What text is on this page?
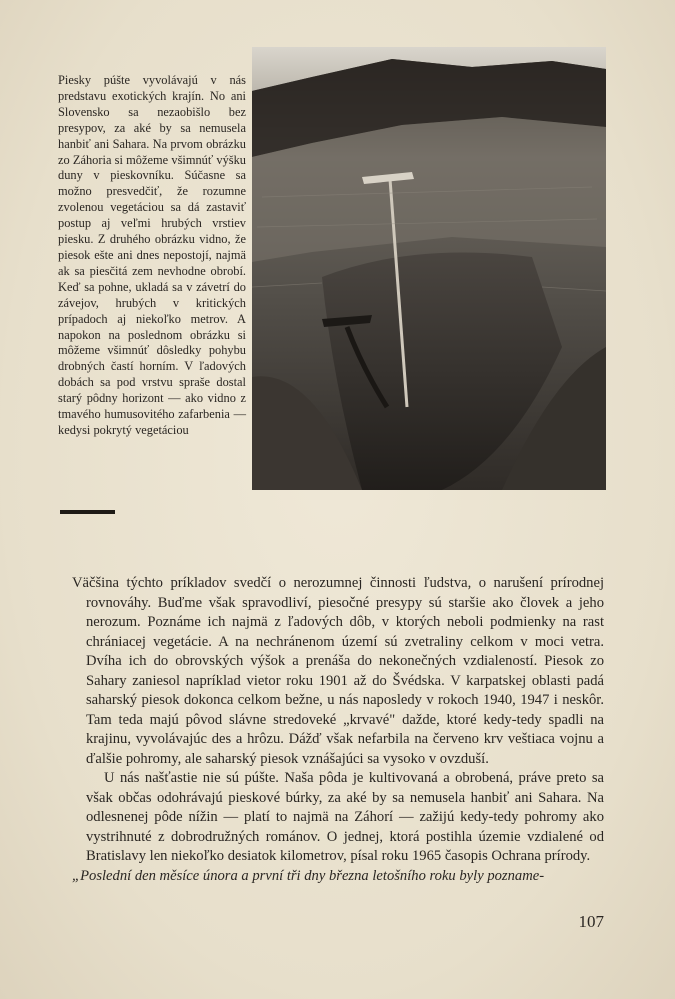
Piesky púšte vyvolávajú v nás predstavu exotických krajín. No ani Slovensko sa nezaobišlo bez presypov, za aké by sa nemusela hanbiť ani Sahara. Na prvom obrázku zo Záhoria si môžeme všimnúť výšku duny v pieskovníku. Súčasne sa možno presvedčiť, že rozumne zvolenou vegetáciou sa dá zastaviť postup aj veľmi hrubých vrstiev piesku. Z druhého obrázku vidno, že piesok ešte ani dnes nepostojí, najmä ak sa piesčitá zem nevhodne obrobí. Keď sa pohne, ukladá sa v závetrí do závejov, hrubých v kritických prípadoch aj niekoľko metrov. A napokon na poslednom obrázku si môžeme všimnúť dôsledky pohybu drobných častí horním. V ľadových dobách sa pod vrstvu sprašе dostal starý pôdny horizont — ako vidno z tmavého humusovitého zafarbenia — kedysi pokrytý vegetáciou

Väčšina týchto príkladov svedčí o nerozumnej činnosti ľudstva, o narušení prírodnej rovnováhy. Buďme však spravodliví, piesočné presypy sú staršie ako človek a jeho nerozum. Poznáme ich najmä z ľadových dôb, v ktorých neboli podmienky na rast chrániacej vegetácie. A na nechránenom území sú zvetraliny celkom v moci vetra. Dvíha ich do obrovských výšok a prenáša do nekonečných vzdialeností. Piesok zo Sahary zaniesol napríklad vietor roku 1901 až do Švédska. V karpatskej oblasti padá saharský piesok dokonca celkom bežne, u nás naposledy v rokoch 1940, 1947 i neskôr. Tam teda majú pôvod slávne stredoveké „krvavé" dažde, ktoré kedy-tedy spadli na krajinu, vyvolávajúc des a hrôzu. Dážď však nefarbila na červeno krv veštiaca vojnu a ďalšie pohromy, ale saharský piesok vznášajúci sa vysoko v ovzduší.

U nás našťastie nie sú púšte. Naša pôda je kultivovaná a obrobená, práve preto sa však občas odohrávajú pieskové búrky, za aké by sa nemusela hanbiť ani Sahara. Na odlesnenej pôde nížin — platí to najmä na Záhorí — zažijú kedy-tedy pohromy ako vystrihnuté z dobrodružných románov. O jednej, ktorá postihla územie vzdialené od Bratislavy len niekoľko desiatok kilometrov, písal roku 1965 časopis Ochrana prírody.

„Poslední den měsíce února a první tři dny března letošního roku byly pozname-

107
